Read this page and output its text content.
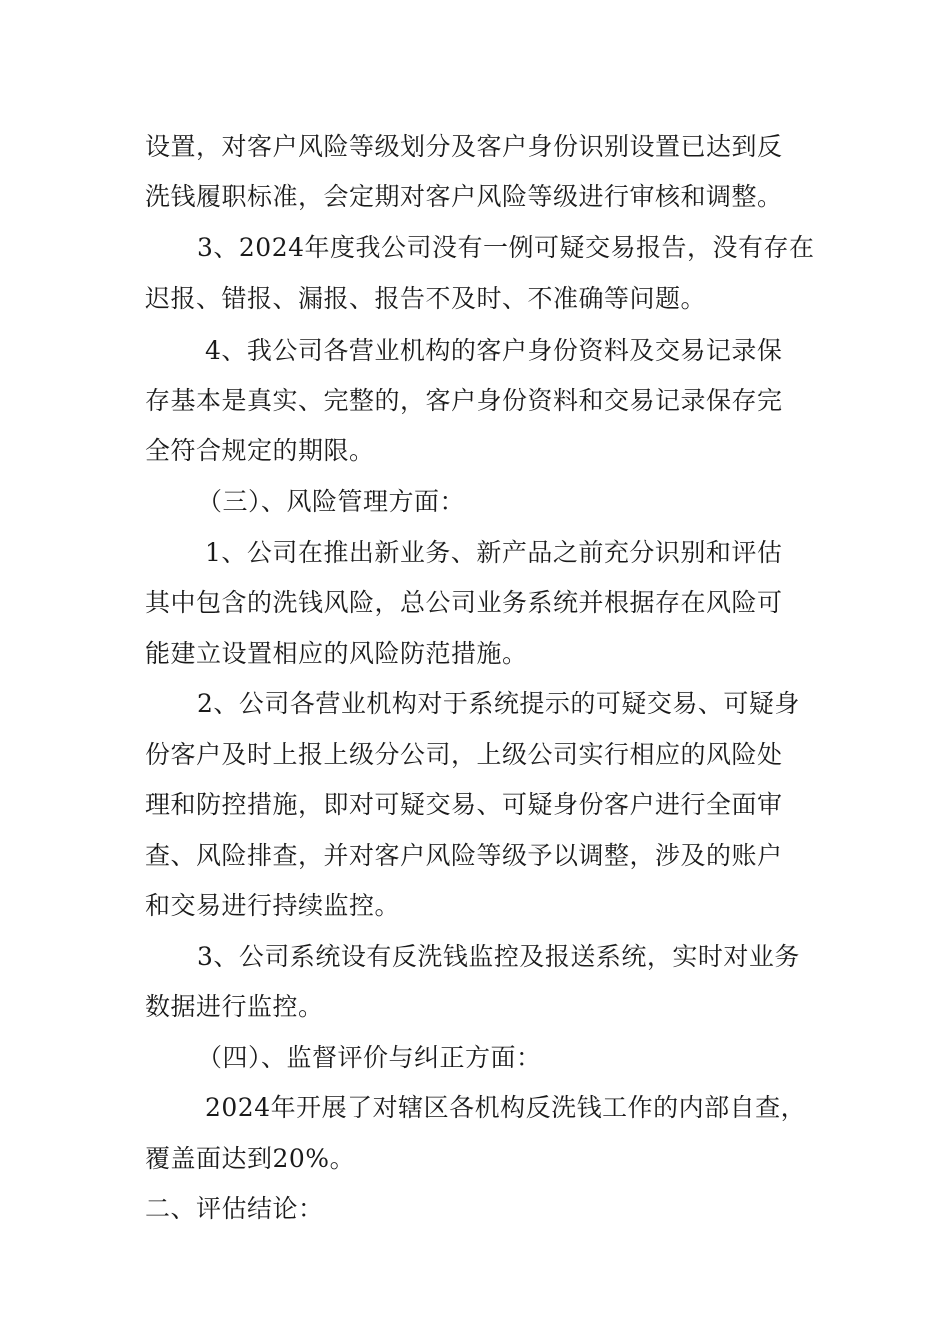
设置，对客户风险等级划分及客户身份识别设置已达到反
洗钱履职标准，会定期对客户风险等级进行审核和调整。
3、2024年度我公司没有一例可疑交易报告，没有存在
迟报、错报、漏报、报告不及时、不准确等问题。
4、我公司各营业机构的客户身份资料及交易记录保
存基本是真实、完整的，客户身份资料和交易记录保存完
全符合规定的期限。
（三）、风险管理方面：
1、公司在推出新业务、新产品之前充分识别和评估
其中包含的洗钱风险，总公司业务系统并根据存在风险可
能建立设置相应的风险防范措施。
2、公司各营业机构对于系统提示的可疑交易、可疑身
份客户及时上报上级分公司，上级公司实行相应的风险处
理和防控措施，即对可疑交易、可疑身份客户进行全面审
查、风险排查，并对客户风险等级予以调整，涉及的账户
和交易进行持续监控。
3、公司系统设有反洗钱监控及报送系统，实时对业务
数据进行监控。
（四）、监督评价与纠正方面：
2024年开展了对辖区各机构反洗钱工作的内部自查，
覆盖面达到20%。
二、评估结论：
